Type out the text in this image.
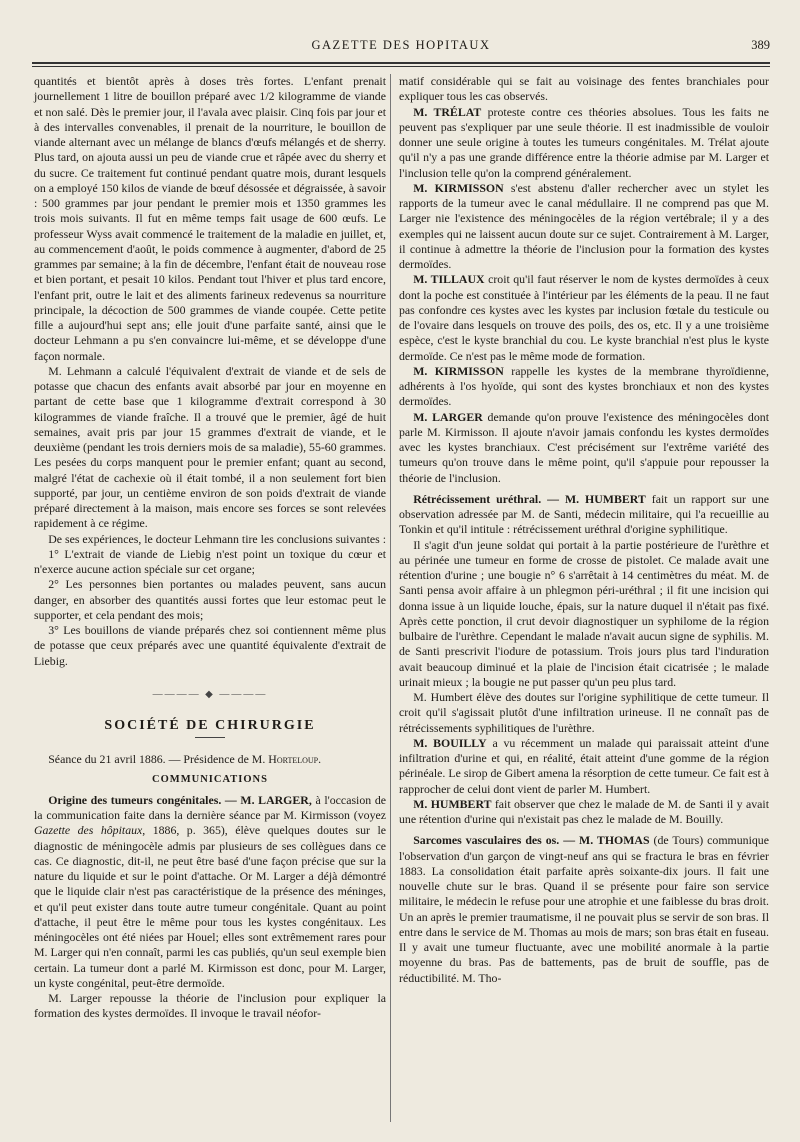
GAZETTE DES HOPITAUX	389

quantités et bientôt après à doses très fortes. L'enfant prenait journellement 1 litre de bouillon préparé avec 1/2 kilogramme de viande et non salé. Dès le premier jour, il l'avala avec plaisir. Cinq fois par jour et à des intervalles convenables, il prenait de la nourriture, le bouillon de viande alternant avec un mélange de blancs d'œufs mélangés et de sherry. Plus tard, on ajouta aussi un peu de viande crue et râpée avec du sherry et du sucre. Ce traitement fut continué pendant quatre mois, durant lesquels on a employé 150 kilos de viande de bœuf désossée et dégraissée, à savoir : 500 grammes par jour pendant le premier mois et 1350 grammes les trois mois suivants. Il fut en même temps fait usage de 600 œufs. Le professeur Wyss avait commencé le traitement de la maladie en juillet, et, au commencement d'août, le poids commence à augmenter, d'abord de 25 grammes par semaine; à la fin de décembre, l'enfant était de nouveau rose et bien portant, et pesait 10 kilos. Pendant tout l'hiver et plus tard encore, l'enfant prit, outre le lait et des aliments farineux redevenus sa nourriture principale, la décoction de 500 grammes de viande coupée. Cette petite fille a aujourd'hui sept ans; elle jouit d'une parfaite santé, ainsi que le docteur Lehmann a pu s'en convaincre lui-même, et se développe d'une façon normale.

M. Lehmann a calculé l'équivalent d'extrait de viande et de sels de potasse que chacun des enfants avait absorbé par jour en moyenne en partant de cette base que 1 kilogramme d'extrait correspond à 30 kilogrammes de viande fraîche. Il a trouvé que le premier, âgé de huit semaines, avait pris par jour 15 grammes d'extrait de viande, et le deuxième (pendant les trois derniers mois de sa maladie), 55-60 grammes. Les pesées du corps manquent pour le premier enfant; quant au second, malgré l'état de cachexie où il était tombé, il a non seulement fort bien supporté, par jour, un centième environ de son poids d'extrait de viande préparé directement à la maison, mais encore ses forces se sont relevées rapidement à ce régime.

De ses expériences, le docteur Lehmann tire les conclusions suivantes :

1° L'extrait de viande de Liebig n'est point un toxique du cœur et n'exerce aucune action spéciale sur cet organe;

2° Les personnes bien portantes ou malades peuvent, sans aucun danger, en absorber des quantités aussi fortes que leur estomac peut le supporter, et cela pendant des mois;

3° Les bouillons de viande préparés chez soi contiennent même plus de potasse que ceux préparés avec une quantité équivalente d'extrait de Liebig.

———— ◆ ————
SOCIÉTÉ DE CHIRURGIE

Séance du 21 avril 1886. — Présidence de M. Horteloup.

COMMUNICATIONS

Origine des tumeurs congénitales. — M. LARGER, à l'occasion de la communication faite dans la dernière séance par M. Kirmisson (voyez Gazette des hôpitaux, 1886, p. 365), élève quelques doutes sur le diagnostic de méningocèle admis par plusieurs de ses collègues dans ce cas. Ce diagnostic, dit-il, ne peut être basé d'une façon précise que sur la nature du liquide et sur le point d'attache. Or M. Larger a déjà démontré que le liquide clair n'est pas caractéristique de la présence des méninges, et qu'il peut exister dans toute autre tumeur congénitale. Quant au point d'attache, il peut être le même pour tous les kystes congénitaux. Les méningocèles ont été niées par Houel; elles sont extrêmement rares pour M. Larger qui n'en connaît, parmi les cas publiés, qu'un seul exemple bien certain. La tumeur dont a parlé M. Kirmisson est donc, pour M. Larger, un kyste congénital, peut-être dermoïde.

M. Larger repousse la théorie de l'inclusion pour expliquer la formation des kystes dermoïdes. Il invoque le travail néofor-

matif considérable qui se fait au voisinage des fentes branchiales pour expliquer tous les cas observés.

M. TRÉLAT proteste contre ces théories absolues. Tous les faits ne peuvent pas s'expliquer par une seule théorie. Il est inadmissible de vouloir donner une seule origine à toutes les tumeurs congénitales. M. Trélat ajoute qu'il n'y a pas une grande différence entre la théorie admise par M. Larger et l'inclusion telle qu'on la comprend généralement.

M. KIRMISSON s'est abstenu d'aller rechercher avec un stylet les rapports de la tumeur avec le canal médullaire. Il ne comprend pas que M. Larger nie l'existence des méningocèles de la région vertébrale; il y a des exemples qui ne laissent aucun doute sur ce sujet. Contrairement à M. Larger, il continue à admettre la théorie de l'inclusion pour la formation des kystes dermoïdes.

M. TILLAUX croit qu'il faut réserver le nom de kystes dermoïdes à ceux dont la poche est constituée à l'intérieur par les éléments de la peau. Il ne faut pas confondre ces kystes avec les kystes par inclusion fœtale du testicule ou de l'ovaire dans lesquels on trouve des poils, des os, etc. Il y a une troisième espèce, c'est le kyste branchial du cou. Le kyste branchial n'est plus le kyste dermoïde. Ce n'est pas le même mode de formation.

M. KIRMISSON rappelle les kystes de la membrane thyroïdienne, adhérents à l'os hyoïde, qui sont des kystes bronchiaux et non des kystes dermoïdes.

M. LARGER demande qu'on prouve l'existence des méningocèles dont parle M. Kirmisson. Il ajoute n'avoir jamais confondu les kystes dermoïdes avec les kystes branchiaux. C'est précisément sur l'extrême variété des tumeurs qu'on trouve dans le même point, qu'il s'appuie pour repousser la théorie de l'inclusion.

Rétrécissement uréthral. — M. HUMBERT fait un rapport sur une observation adressée par M. de Santi, médecin militaire, qui l'a recueillie au Tonkin et qu'il intitule : rétrécissement uréthral d'origine syphilitique.

Il s'agit d'un jeune soldat qui portait à la partie postérieure de l'urèthre et au périnée une tumeur en forme de crosse de pistolet. Ce malade avait une rétention d'urine ; une bougie n° 6 s'arrêtait à 14 centimètres du méat. M. de Santi pensa avoir affaire à un phlegmon péri-uréthral ; il fit une incision qui donna issue à un liquide louche, épais, sur la nature duquel il n'était pas fixé. Après cette ponction, il crut devoir diagnostiquer un syphilome de la région bulbaire de l'urèthre. Cependant le malade n'avait aucun signe de syphilis. M. de Santi prescrivit l'iodure de potassium. Trois jours plus tard l'induration avait beaucoup diminué et la plaie de l'incision était cicatrisée ; le malade urinait mieux ; la bougie ne put passer qu'un peu plus tard.

M. Humbert élève des doutes sur l'origine syphilitique de cette tumeur. Il croit qu'il s'agissait plutôt d'une infiltration urineuse. Il ne connaît pas de rétrécissements syphilitiques de l'urèthre.

M. BOUILLY a vu récemment un malade qui paraissait atteint d'une infiltration d'urine et qui, en réalité, était atteint d'une gomme de la région périnéale. Le sirop de Gibert amena la résorption de cette tumeur. Ce fait est à rapprocher de celui dont vient de parler M. Humbert.

M. HUMBERT fait observer que chez le malade de M. de Santi il y avait une rétention d'urine qui n'existait pas chez le malade de M. Bouilly.

Sarcomes vasculaires des os. — M. THOMAS (de Tours) communique l'observation d'un garçon de vingt-neuf ans qui se fractura le bras en février 1883. La consolidation était parfaite après soixante-dix jours. Il fait une nouvelle chute sur le bras. Quand il se présente pour faire son service militaire, le médecin le refuse pour une atrophie et une faiblesse du bras droit. Un an après le premier traumatisme, il ne pouvait plus se servir de son bras. Il entre dans le service de M. Thomas au mois de mars; son bras était en fuseau. Il y avait une tumeur fluctuante, avec une mobilité anormale à la partie moyenne du bras. Pas de battements, pas de bruit de souffle, pas de réductibilité. M. Tho-
